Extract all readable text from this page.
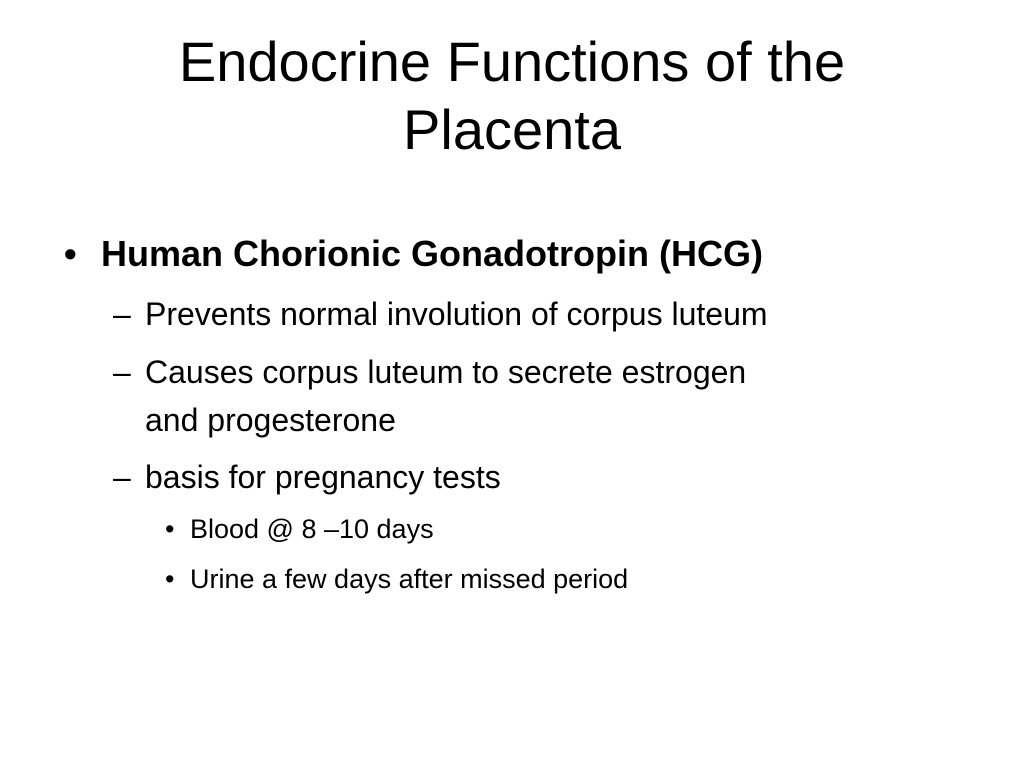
Endocrine Functions of the
Placenta
• Human Chorionic Gonadotropin (HCG)
– Prevents normal involution of corpus luteum
– Causes corpus luteum to secrete estrogen
and progesterone
– basis for pregnancy tests
• Blood @ 8 –10 days
• Urine a few days after missed period
